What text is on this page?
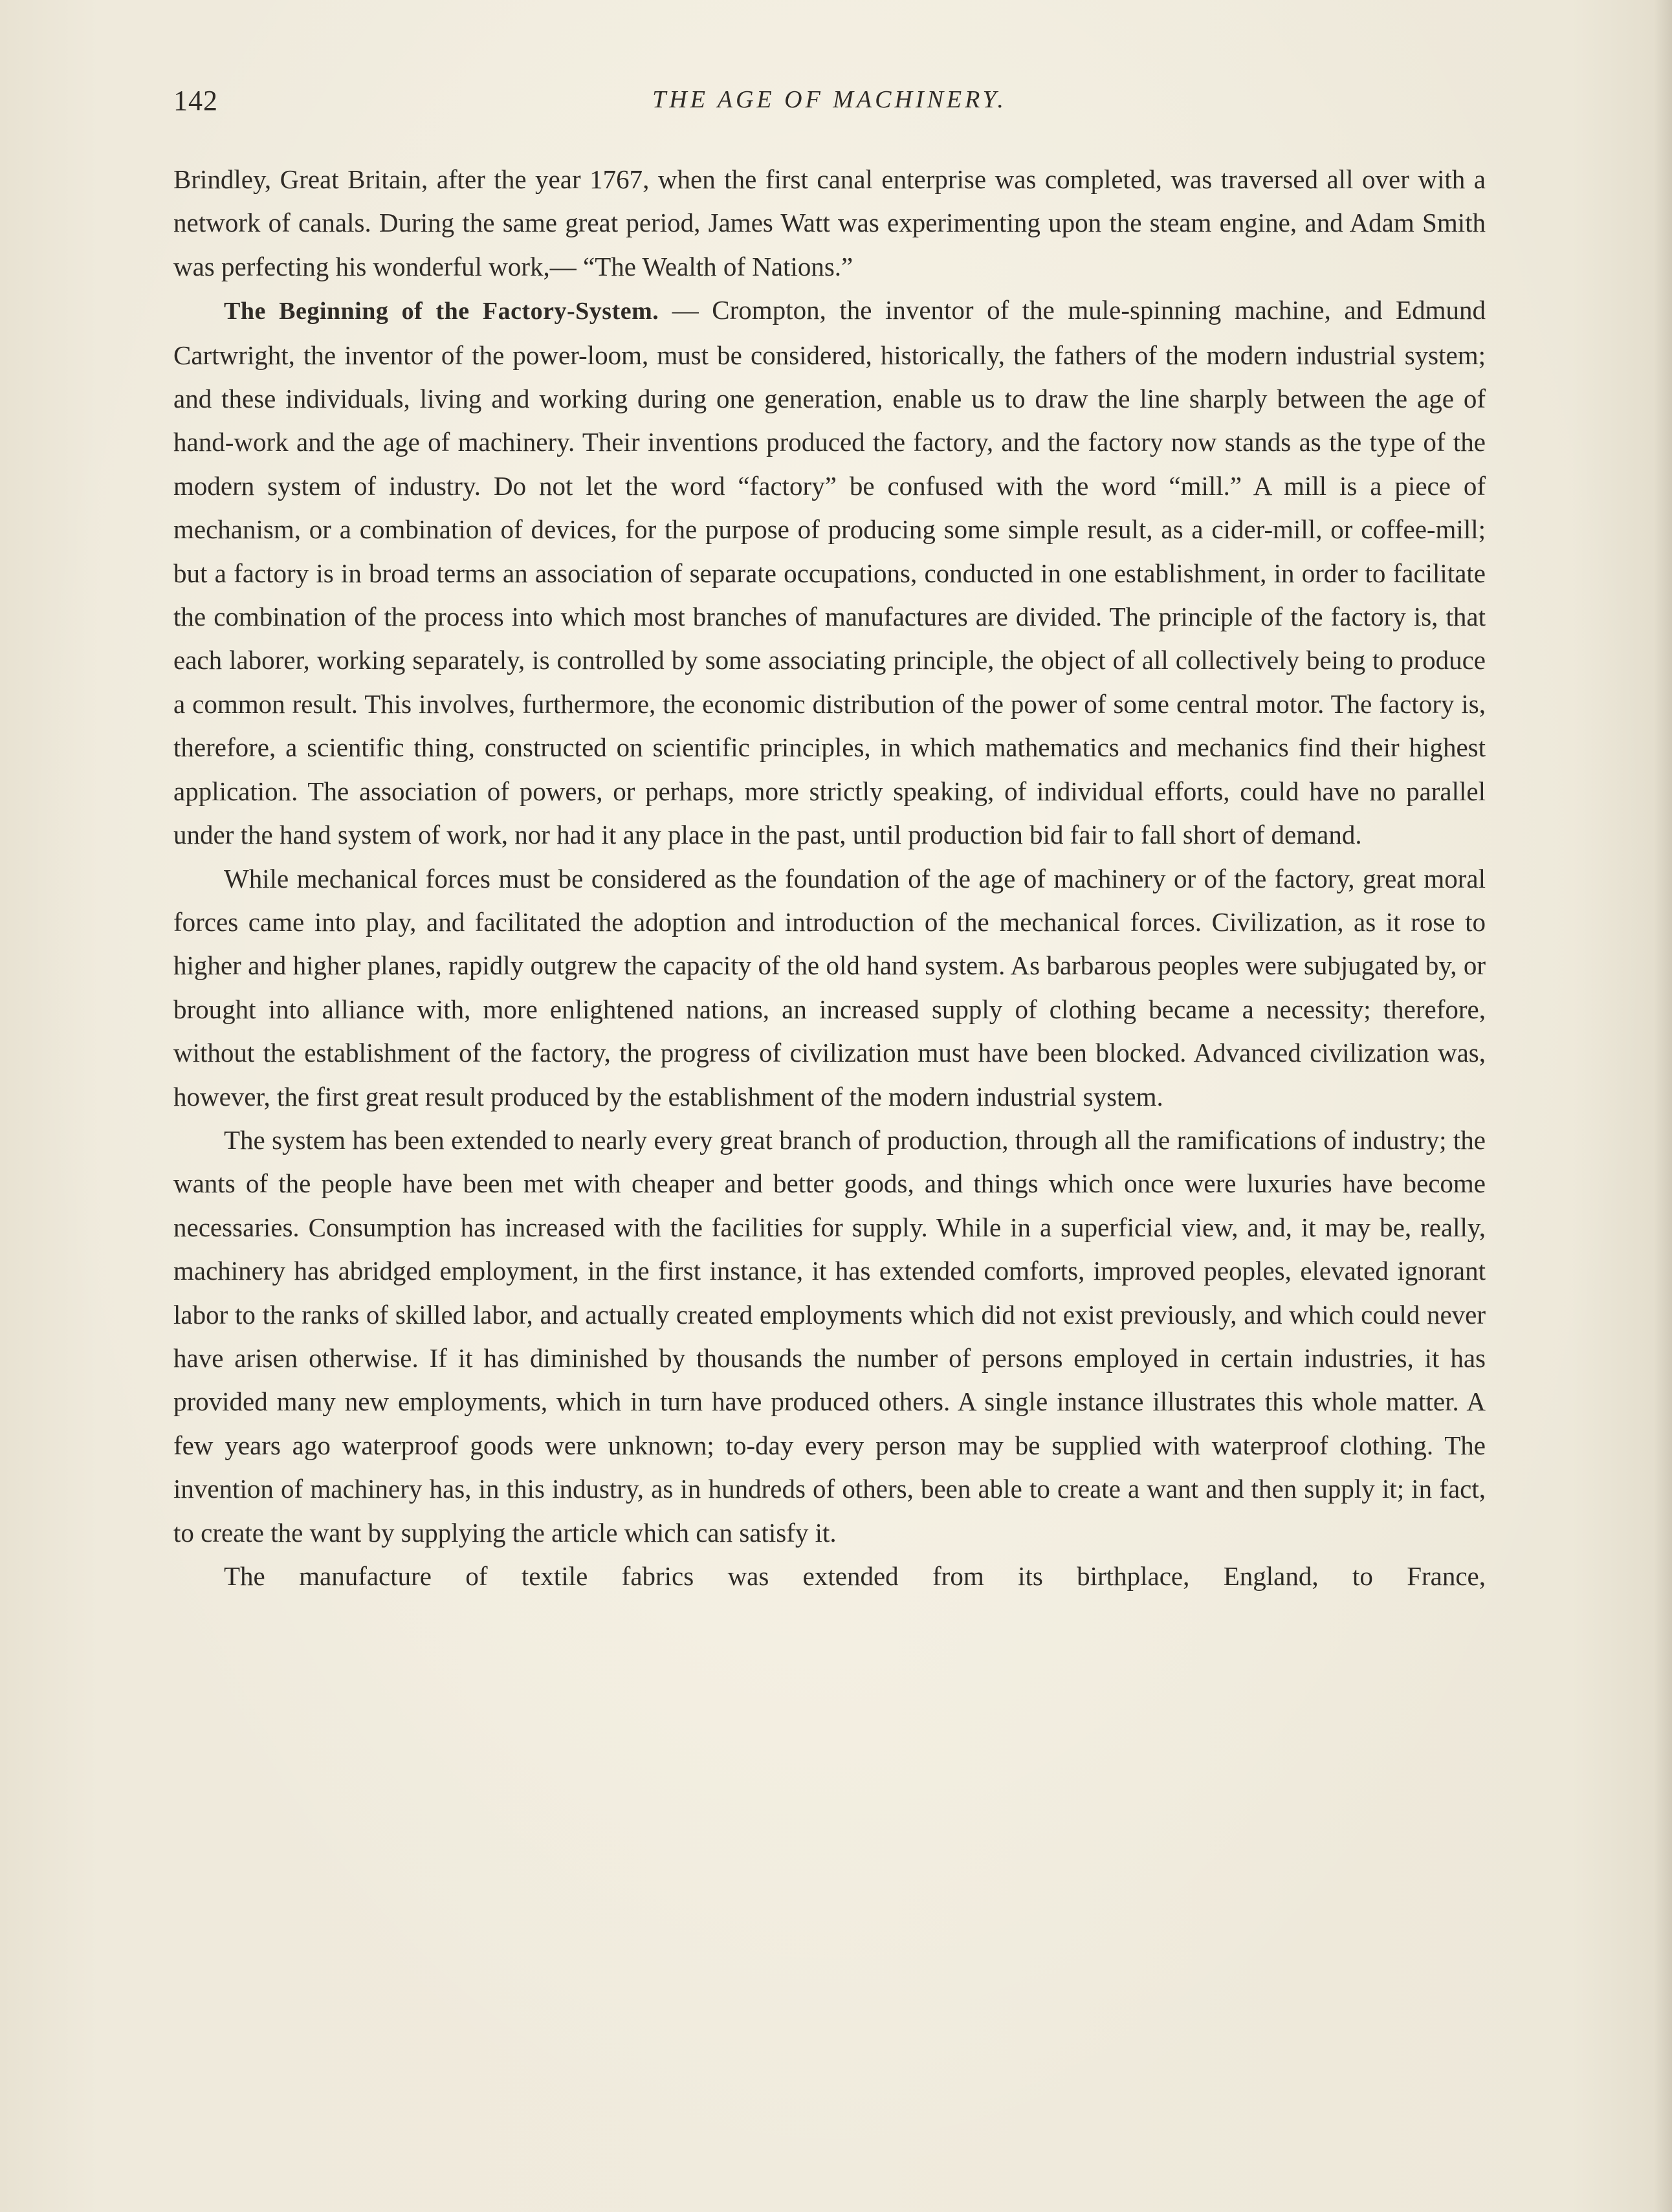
142	THE AGE OF MACHINERY.

Brindley, Great Britain, after the year 1767, when the first canal enterprise was completed, was traversed all over with a network of canals. During the same great period, James Watt was experimenting upon the steam engine, and Adam Smith was perfecting his wonderful work,— “The Wealth of Nations.”

The Beginning of the Factory-System. — Crompton, the inventor of the mule-spinning machine, and Edmund Cartwright, the inventor of the power-loom, must be considered, historically, the fathers of the modern industrial system; and these individuals, living and working during one generation, enable us to draw the line sharply between the age of hand-work and the age of machinery. Their inventions produced the factory, and the factory now stands as the type of the modern system of industry. Do not let the word “factory” be confused with the word “mill.” A mill is a piece of mechanism, or a combination of devices, for the purpose of producing some simple result, as a cider-mill, or coffee-mill; but a factory is in broad terms an association of separate occupations, conducted in one establishment, in order to facilitate the combination of the process into which most branches of manufactures are divided. The principle of the factory is, that each laborer, working separately, is controlled by some associating principle, the object of all collectively being to produce a common result. This involves, furthermore, the economic distribution of the power of some central motor. The factory is, therefore, a scientific thing, constructed on scientific principles, in which mathematics and mechanics find their highest application. The association of powers, or perhaps, more strictly speaking, of individual efforts, could have no parallel under the hand system of work, nor had it any place in the past, until production bid fair to fall short of demand.

While mechanical forces must be considered as the foundation of the age of machinery or of the factory, great moral forces came into play, and facilitated the adoption and introduction of the mechanical forces. Civilization, as it rose to higher and higher planes, rapidly outgrew the capacity of the old hand system. As barbarous peoples were subjugated by, or brought into alliance with, more enlightened nations, an increased supply of clothing became a necessity; therefore, without the establishment of the factory, the progress of civilization must have been blocked. Advanced civilization was, however, the first great result produced by the establishment of the modern industrial system.

The system has been extended to nearly every great branch of production, through all the ramifications of industry; the wants of the people have been met with cheaper and better goods, and things which once were luxuries have become necessaries. Consumption has increased with the facilities for supply. While in a superficial view, and, it may be, really, machinery has abridged employment, in the first instance, it has extended comforts, improved peoples, elevated ignorant labor to the ranks of skilled labor, and actually created employments which did not exist previously, and which could never have arisen otherwise. If it has diminished by thousands the number of persons employed in certain industries, it has provided many new employments, which in turn have produced others. A single instance illustrates this whole matter. A few years ago waterproof goods were unknown; to-day every person may be supplied with waterproof clothing. The invention of machinery has, in this industry, as in hundreds of others, been able to create a want and then supply it; in fact, to create the want by supplying the article which can satisfy it.

The manufacture of textile fabrics was extended from its birthplace, England, to France,
